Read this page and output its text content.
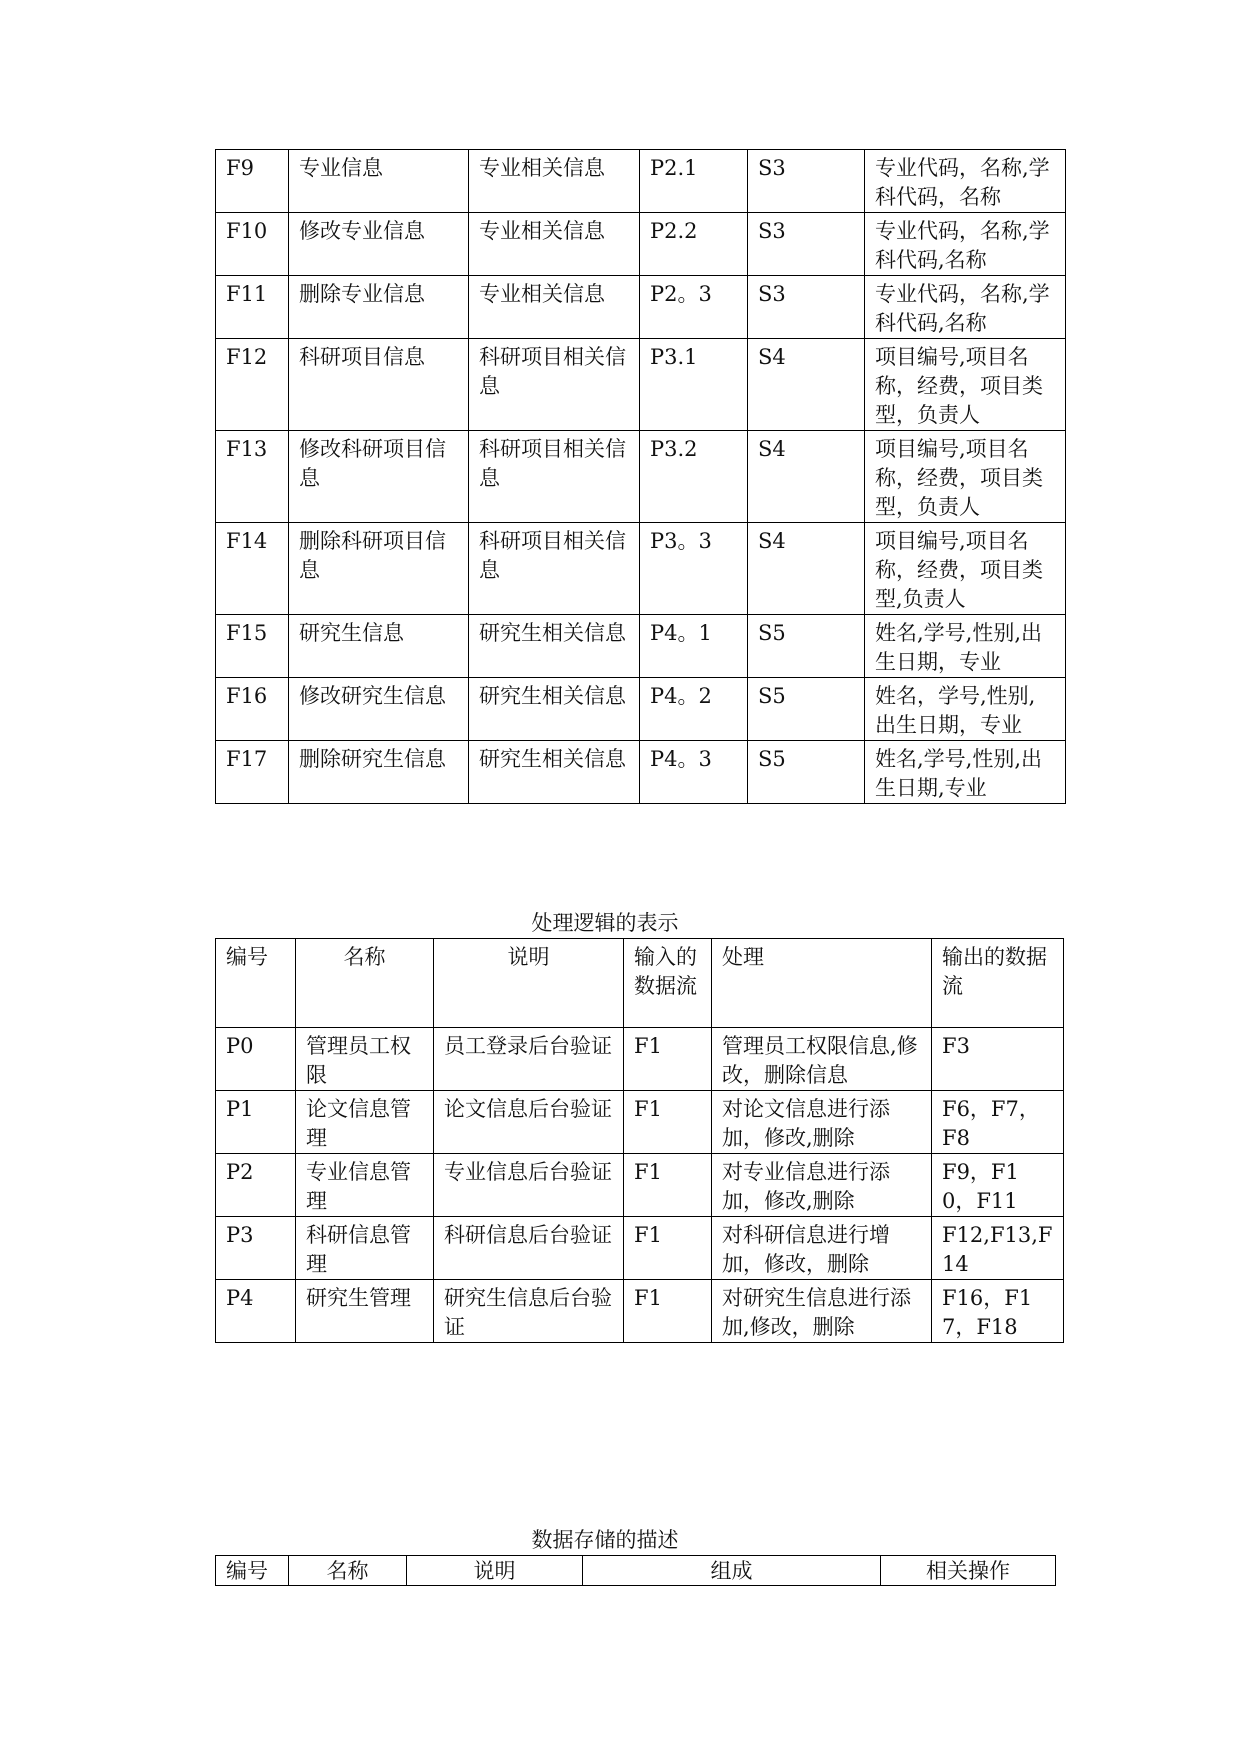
F9	专业信息	专业相关信息	P2.1	S3	专业代码，名称,学科代码，名称
F10	修改专业信息	专业相关信息	P2.2	S3	专业代码，名称,学科代码,名称
F11	删除专业信息	专业相关信息	P2。3	S3	专业代码，名称,学科代码,名称
F12	科研项目信息	科研项目相关信息	P3.1	S4	项目编号,项目名称，经费，项目类型，负责人
F13	修改科研项目信息	科研项目相关信息	P3.2	S4	项目编号,项目名称，经费，项目类型，负责人
F14	删除科研项目信息	科研项目相关信息	P3。3	S4	项目编号,项目名称，经费，项目类型,负责人
F15	研究生信息	研究生相关信息	P4。1	S5	姓名,学号,性别,出生日期，专业
F16	修改研究生信息	研究生相关信息	P4。2	S5	姓名，学号,性别,出生日期，专业
F17	删除研究生信息	研究生相关信息	P4。3	S5	姓名,学号,性别,出生日期,专业
处理逻辑的表示
编号	名称	说明	输入的数据流	处理	输出的数据流
P0	管理员工权限	员工登录后台验证	F1	管理员工权限信息,修改，删除信息	F3
P1	论文信息管理	论文信息后台验证	F1	对论文信息进行添加，修改,删除	F6，F7，F8
P2	专业信息管理	专业信息后台验证	F1	对专业信息进行添加，修改,删除	F9，F10，F11
P3	科研信息管理	科研信息后台验证	F1	对科研信息进行增加，修改，删除	F12,F13,F14
P4	研究生管理	研究生信息后台验证	F1	对研究生信息进行添加,修改，删除	F16，F17，F18
数据存储的描述
编号	名称	说明	组成	相关操作
